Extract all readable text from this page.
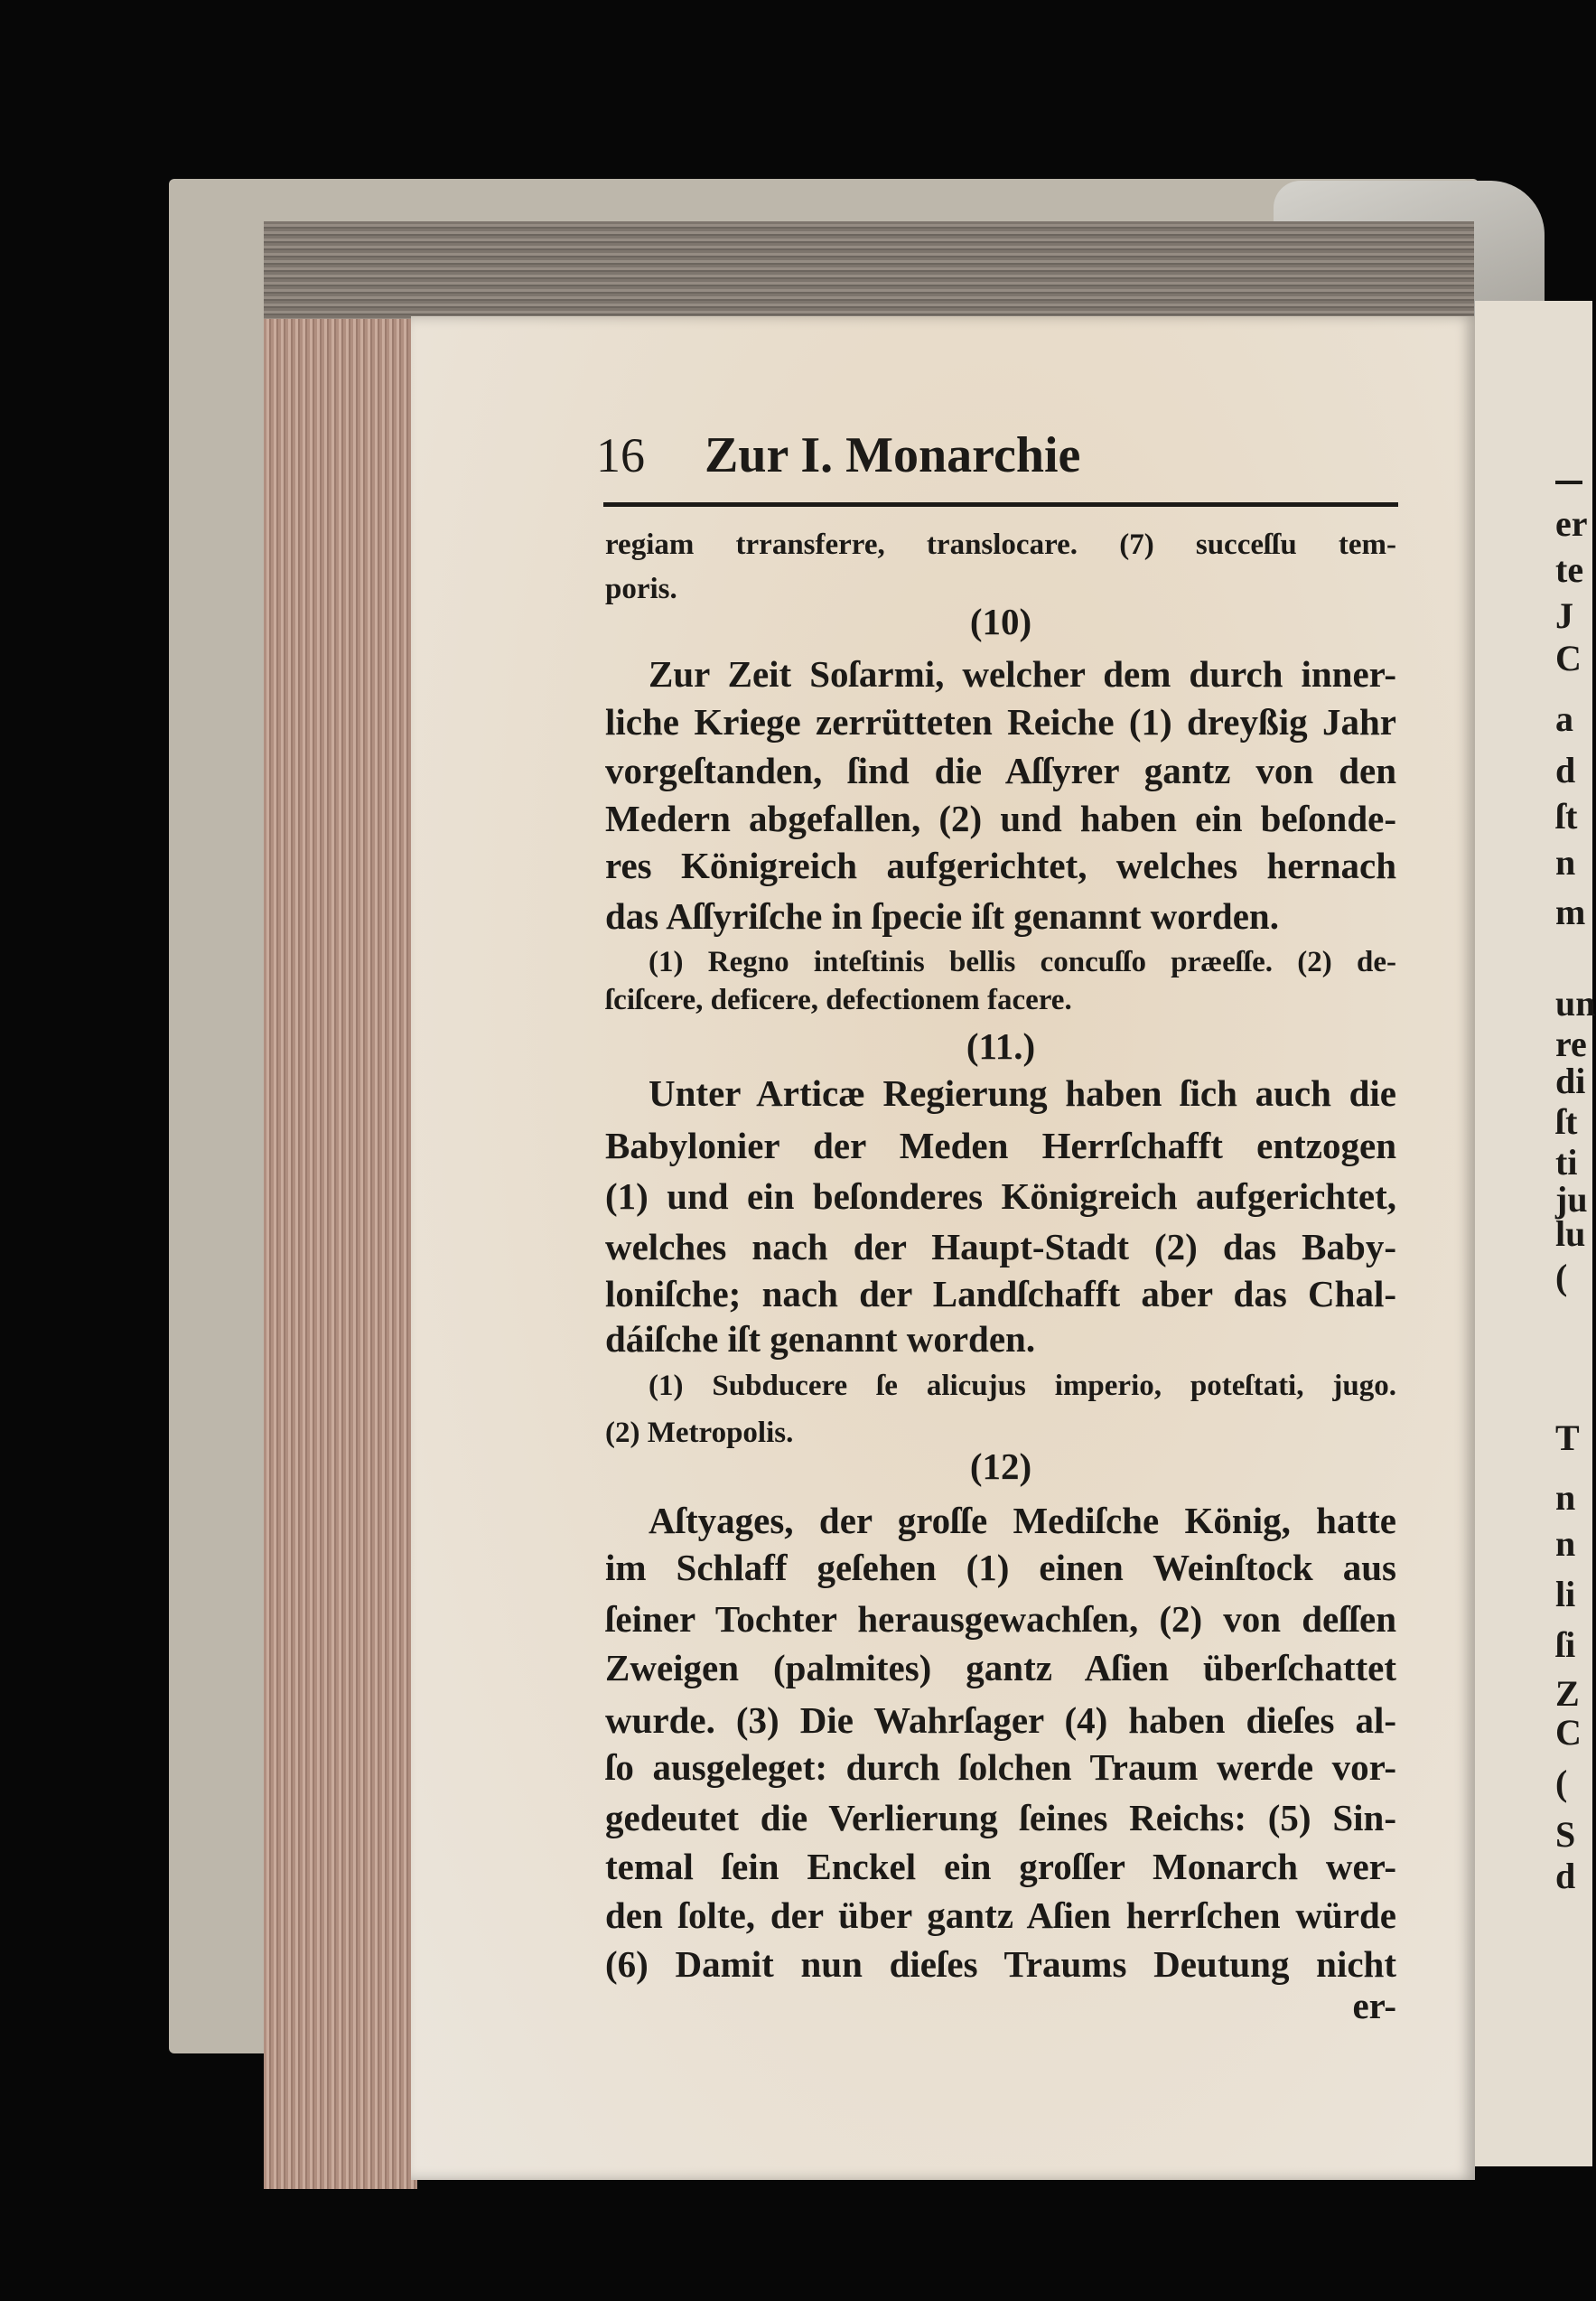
16 Zur I. Monarchie
regiam trransferre, translocare. (7) succeſſu tem-
poris.
(10)
Zur Zeit Soſarmi, welcher dem durch inner-
liche Kriege zerrütteten Reiche (1) dreyßig Jahr
vorgeſtanden, ſind die Aſſyrer gantz von den
Medern abgefallen, (2) und haben ein beſonde-
res Königreich aufgerichtet, welches hernach
das Aſſyriſche in ſpecie iſt genannt worden.
(1) Regno inteſtinis bellis concuſſo præeſſe. (2) de-
ſciſcere, deficere, defectionem facere.
(11.)
Unter Articæ Regierung haben ſich auch die
Babylonier der Meden Herrſchafft entzogen
(1) und ein beſonderes Königreich aufgerichtet,
welches nach der Haupt-Stadt (2) das Baby-
loniſche; nach der Landſchafft aber das Chal-
dáiſche iſt genannt worden.
(1) Subducere ſe alicujus imperio, poteſtati, jugo.
(2) Metropolis.
(12)
Aſtyages, der groſſe Mediſche König, hatte
im Schlaff geſehen (1) einen Weinſtock aus
ſeiner Tochter herausgewachſen, (2) von deſſen
Zweigen (palmites) gantz Aſien überſchattet
wurde. (3) Die Wahrſager (4) haben dieſes al-
ſo ausgeleget: durch ſolchen Traum werde vor-
gedeutet die Verlierung ſeines Reichs: (5) Sin-
temal ſein Enckel ein groſſer Monarch wer-
den ſolte, der über gantz Aſien herrſchen würde
(6) Damit nun dieſes Traums Deutung nicht
er-
er
te
J
C
a
d
ſt
n
m
un
re
di
ſt
ti
ju
lu
(
T
n
n
li
ſi
Z
C
(
S
d
